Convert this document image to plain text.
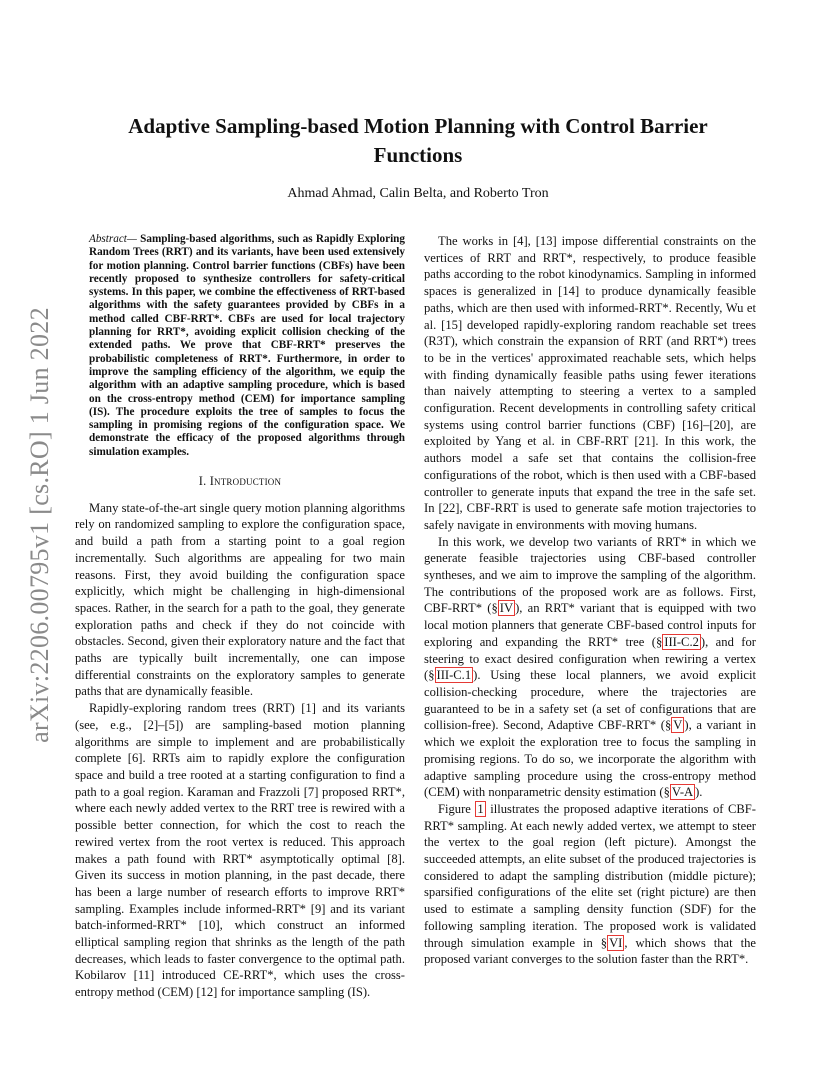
arXiv:2206.00795v1 [cs.RO] 1 Jun 2022
Adaptive Sampling-based Motion Planning with Control Barrier Functions
Ahmad Ahmad, Calin Belta, and Roberto Tron

Abstract— Sampling-based algorithms, such as Rapidly Exploring Random Trees (RRT) and its variants, have been used extensively for motion planning. Control barrier functions (CBFs) have been recently proposed to synthesize controllers for safety-critical systems. In this paper, we combine the effectiveness of RRT-based algorithms with the safety guarantees provided by CBFs in a method called CBF-RRT*. CBFs are used for local trajectory planning for RRT*, avoiding explicit collision checking of the extended paths. We prove that CBF-RRT* preserves the probabilistic completeness of RRT*. Furthermore, in order to improve the sampling efficiency of the algorithm, we equip the algorithm with an adaptive sampling procedure, which is based on the cross-entropy method (CEM) for importance sampling (IS). The procedure exploits the tree of samples to focus the sampling in promising regions of the configuration space. We demonstrate the efficacy of the proposed algorithms through simulation examples.

I. Introduction

Many state-of-the-art single query motion planning algorithms rely on randomized sampling to explore the configuration space, and build a path from a starting point to a goal region incrementally. Such algorithms are appealing for two main reasons. First, they avoid building the configuration space explicitly, which might be challenging in high-dimensional spaces. Rather, in the search for a path to the goal, they generate exploration paths and check if they do not coincide with obstacles. Second, given their exploratory nature and the fact that paths are typically built incrementally, one can impose differential constraints on the exploratory samples to generate paths that are dynamically feasible.

Rapidly-exploring random trees (RRT) [1] and its variants (see, e.g., [2]–[5]) are sampling-based motion planning algorithms are simple to implement and are probabilistically complete [6]. RRTs aim to rapidly explore the configuration space and build a tree rooted at a starting configuration to find a path to a goal region. Karaman and Frazzoli [7] proposed RRT*, where each newly added vertex to the RRT tree is rewired with a possible better connection, for which the cost to reach the rewired vertex from the root vertex is reduced. This approach makes a path found with RRT* asymptotically optimal [8]. Given its success in motion planning, in the past decade, there has been a large number of research efforts to improve RRT* sampling. Examples include informed-RRT* [9] and its variant batch-informed-RRT* [10], which construct an informed elliptical sampling region that shrinks as the length of the path decreases, which leads to faster convergence to the optimal path. Kobilarov [11] introduced CE-RRT*, which uses the cross-entropy method (CEM) [12] for importance sampling (IS).

The works in [4], [13] impose differential constraints on the vertices of RRT and RRT*, respectively, to produce feasible paths according to the robot kinodynamics. Sampling in informed spaces is generalized in [14] to produce dynamically feasible paths, which are then used with informed-RRT*. Recently, Wu et al. [15] developed rapidly-exploring random reachable set trees (R3T), which constrain the expansion of RRT (and RRT*) trees to be in the vertices' approximated reachable sets, which helps with finding dynamically feasible paths using fewer iterations than naively attempting to steering a vertex to a sampled configuration. Recent developments in controlling safety critical systems using control barrier functions (CBF) [16]–[20], are exploited by Yang et al. in CBF-RRT [21]. In this work, the authors model a safe set that contains the collision-free configurations of the robot, which is then used with a CBF-based controller to generate inputs that expand the tree in the safe set. In [22], CBF-RRT is used to generate safe motion trajectories to safely navigate in environments with moving humans.

In this work, we develop two variants of RRT* in which we generate feasible trajectories using CBF-based controller syntheses, and we aim to improve the sampling of the algorithm. The contributions of the proposed work are as follows. First, CBF-RRT* (§ IV ), an RRT* variant that is equipped with two local motion planners that generate CBF-based control inputs for exploring and expanding the RRT* tree (§ III-C.2 ), and for steering to exact desired configuration when rewiring a vertex (§ III-C.1 ). Using these local planners, we avoid explicit collision-checking procedure, where the trajectories are guaranteed to be in a safety set (a set of configurations that are collision-free). Second, Adaptive CBF-RRT* (§ V ), a variant in which we exploit the exploration tree to focus the sampling in promising regions. To do so, we incorporate the algorithm with adaptive sampling procedure using the cross-entropy method (CEM) with nonparametric density estimation (§ V-A ).

Figure 1 illustrates the proposed adaptive iterations of CBF-RRT* sampling. At each newly added vertex, we attempt to steer the vertex to the goal region (left picture). Amongst the succeeded attempts, an elite subset of the produced trajectories is considered to adapt the sampling distribution (middle picture); sparsified configurations of the elite set (right picture) are then used to estimate a sampling density function (SDF) for the following sampling iteration. The proposed work is validated through simulation example in § VI , which shows that the proposed variant converges to the solution faster than the RRT*.
